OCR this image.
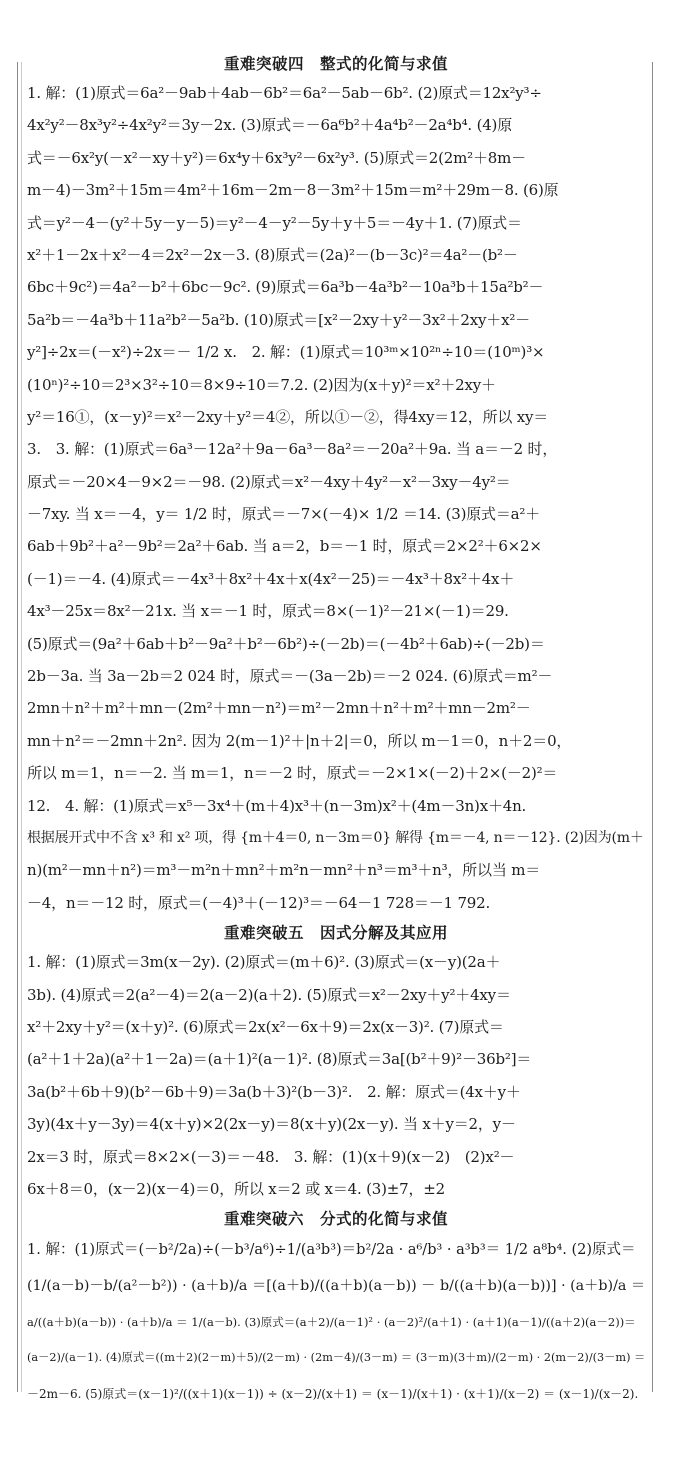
重难突破四　整式的化简与求值
1. 解：(1)原式＝6a²－9ab＋4ab－6b²＝6a²－5ab－6b². (2)原式＝12x²y³÷
4x²y²－8x³y²÷4x²y²＝3y－2x. (3)原式＝－6a⁶b²＋4a⁴b²－2a⁴b⁴. (4)原
式＝－6x²y(－x²－xy＋y²)＝6x⁴y＋6x³y²－6x²y³. (5)原式＝2(2m²＋8m－
m－4)－3m²＋15m＝4m²＋16m－2m－8－3m²＋15m＝m²＋29m－8. (6)原
式＝y²－4－(y²＋5y－y－5)＝y²－4－y²－5y＋y＋5＝－4y＋1. (7)原式＝
x²＋1－2x＋x²－4＝2x²－2x－3. (8)原式＝(2a)²－(b－3c)²＝4a²－(b²－
6bc＋9c²)＝4a²－b²＋6bc－9c². (9)原式＝6a³b－4a³b²－10a³b＋15a²b²－
5a²b＝－4a³b＋11a²b²－5a²b. (10)原式＝[x²－2xy＋y²－3x²＋2xy＋x²－
y²]÷2x＝(－x²)÷2x＝－ 1/2 x.　2. 解：(1)原式＝10³ᵐ×10²ⁿ÷10＝(10ᵐ)³×
(10ⁿ)²÷10＝2³×3²÷10＝8×9÷10＝7.2. (2)因为(x＋y)²＝x²＋2xy＋
y²＝16①，(x－y)²＝x²－2xy＋y²＝4②，所以①－②，得4xy＝12，所以 xy＝
3.　3. 解：(1)原式＝6a³－12a²＋9a－6a³－8a²＝－20a²＋9a. 当 a＝－2 时，
原式＝－20×4－9×2＝－98. (2)原式＝x²－4xy＋4y²－x²－3xy－4y²＝
－7xy. 当 x＝－4，y＝ 1/2 时，原式＝－7×(－4)× 1/2 ＝14. (3)原式＝a²＋
6ab＋9b²＋a²－9b²＝2a²＋6ab. 当 a＝2，b＝－1 时，原式＝2×2²＋6×2×
(－1)＝－4. (4)原式＝－4x³＋8x²＋4x＋x(4x²－25)＝－4x³＋8x²＋4x＋
4x³－25x＝8x²－21x. 当 x＝－1 时，原式＝8×(－1)²－21×(－1)＝29.
(5)原式＝(9a²＋6ab＋b²－9a²＋b²－6b²)÷(－2b)＝(－4b²＋6ab)÷(－2b)＝
2b－3a. 当 3a－2b＝2 024 时，原式＝－(3a－2b)＝－2 024. (6)原式＝m²－
2mn＋n²＋m²＋mn－(2m²＋mn－n²)＝m²－2mn＋n²＋m²＋mn－2m²－
mn＋n²＝－2mn＋2n². 因为 2(m－1)²＋|n＋2|＝0，所以 m－1＝0，n＋2＝0，
所以 m＝1，n＝－2. 当 m＝1，n＝－2 时，原式＝－2×1×(－2)＋2×(－2)²＝
12.　4. 解：(1)原式＝x⁵－3x⁴＋(m＋4)x³＋(n－3m)x²＋(4m－3n)x＋4n.
根据展开式中不含 x³ 和 x² 项，得 {m＋4＝0, n－3m＝0} 解得 {m＝－4, n＝－12}. (2)因为(m＋
n)(m²－mn＋n²)＝m³－m²n＋mn²＋m²n－mn²＋n³＝m³＋n³，所以当 m＝
－4，n＝－12 时，原式＝(－4)³＋(－12)³＝－64－1 728＝－1 792.
重难突破五　因式分解及其应用
1. 解：(1)原式＝3m(x－2y). (2)原式＝(m＋6)². (3)原式＝(x－y)(2a＋
3b). (4)原式＝2(a²－4)＝2(a－2)(a＋2). (5)原式＝x²－2xy＋y²＋4xy＝
x²＋2xy＋y²＝(x＋y)². (6)原式＝2x(x²－6x＋9)＝2x(x－3)². (7)原式＝
(a²＋1＋2a)(a²＋1－2a)＝(a＋1)²(a－1)². (8)原式＝3a[(b²＋9)²－36b²]＝
3a(b²＋6b＋9)(b²－6b＋9)＝3a(b＋3)²(b－3)².　2. 解：原式＝(4x＋y＋
3y)(4x＋y－3y)＝4(x＋y)×2(2x－y)＝8(x＋y)(2x－y). 当 x＋y＝2，y－
2x＝3 时，原式＝8×2×(－3)＝－48.　3. 解：(1)(x＋9)(x－2)　(2)x²－
6x＋8＝0，(x－2)(x－4)＝0，所以 x＝2 或 x＝4. (3)±7，±2
重难突破六　分式的化简与求值
1. 解：(1)原式＝(－b²/2a)÷(－b³/a⁶)÷1/(a³b³)＝b²/2a · a⁶/b³ · a³b³＝ 1/2 a⁸b⁴. (2)原式＝
(1/(a－b)－b/(a²－b²)) · (a＋b)/a ＝[(a＋b)/((a＋b)(a－b)) － b/((a＋b)(a－b))] · (a＋b)/a ＝
a/((a＋b)(a－b)) · (a＋b)/a ＝ 1/(a－b). (3)原式＝(a＋2)/(a－1)² · (a－2)²/(a＋1) · (a＋1)(a－1)/((a＋2)(a－2))＝
(a－2)/(a－1). (4)原式＝((m＋2)(2－m)＋5)/(2－m) · (2m－4)/(3－m) ＝ (3－m)(3＋m)/(2－m) · 2(m－2)/(3－m) ＝
－2m－6. (5)原式＝(x－1)²/((x＋1)(x－1)) ÷ (x－2)/(x＋1) ＝ (x－1)/(x＋1) · (x＋1)/(x－2) ＝ (x－1)/(x－2).
